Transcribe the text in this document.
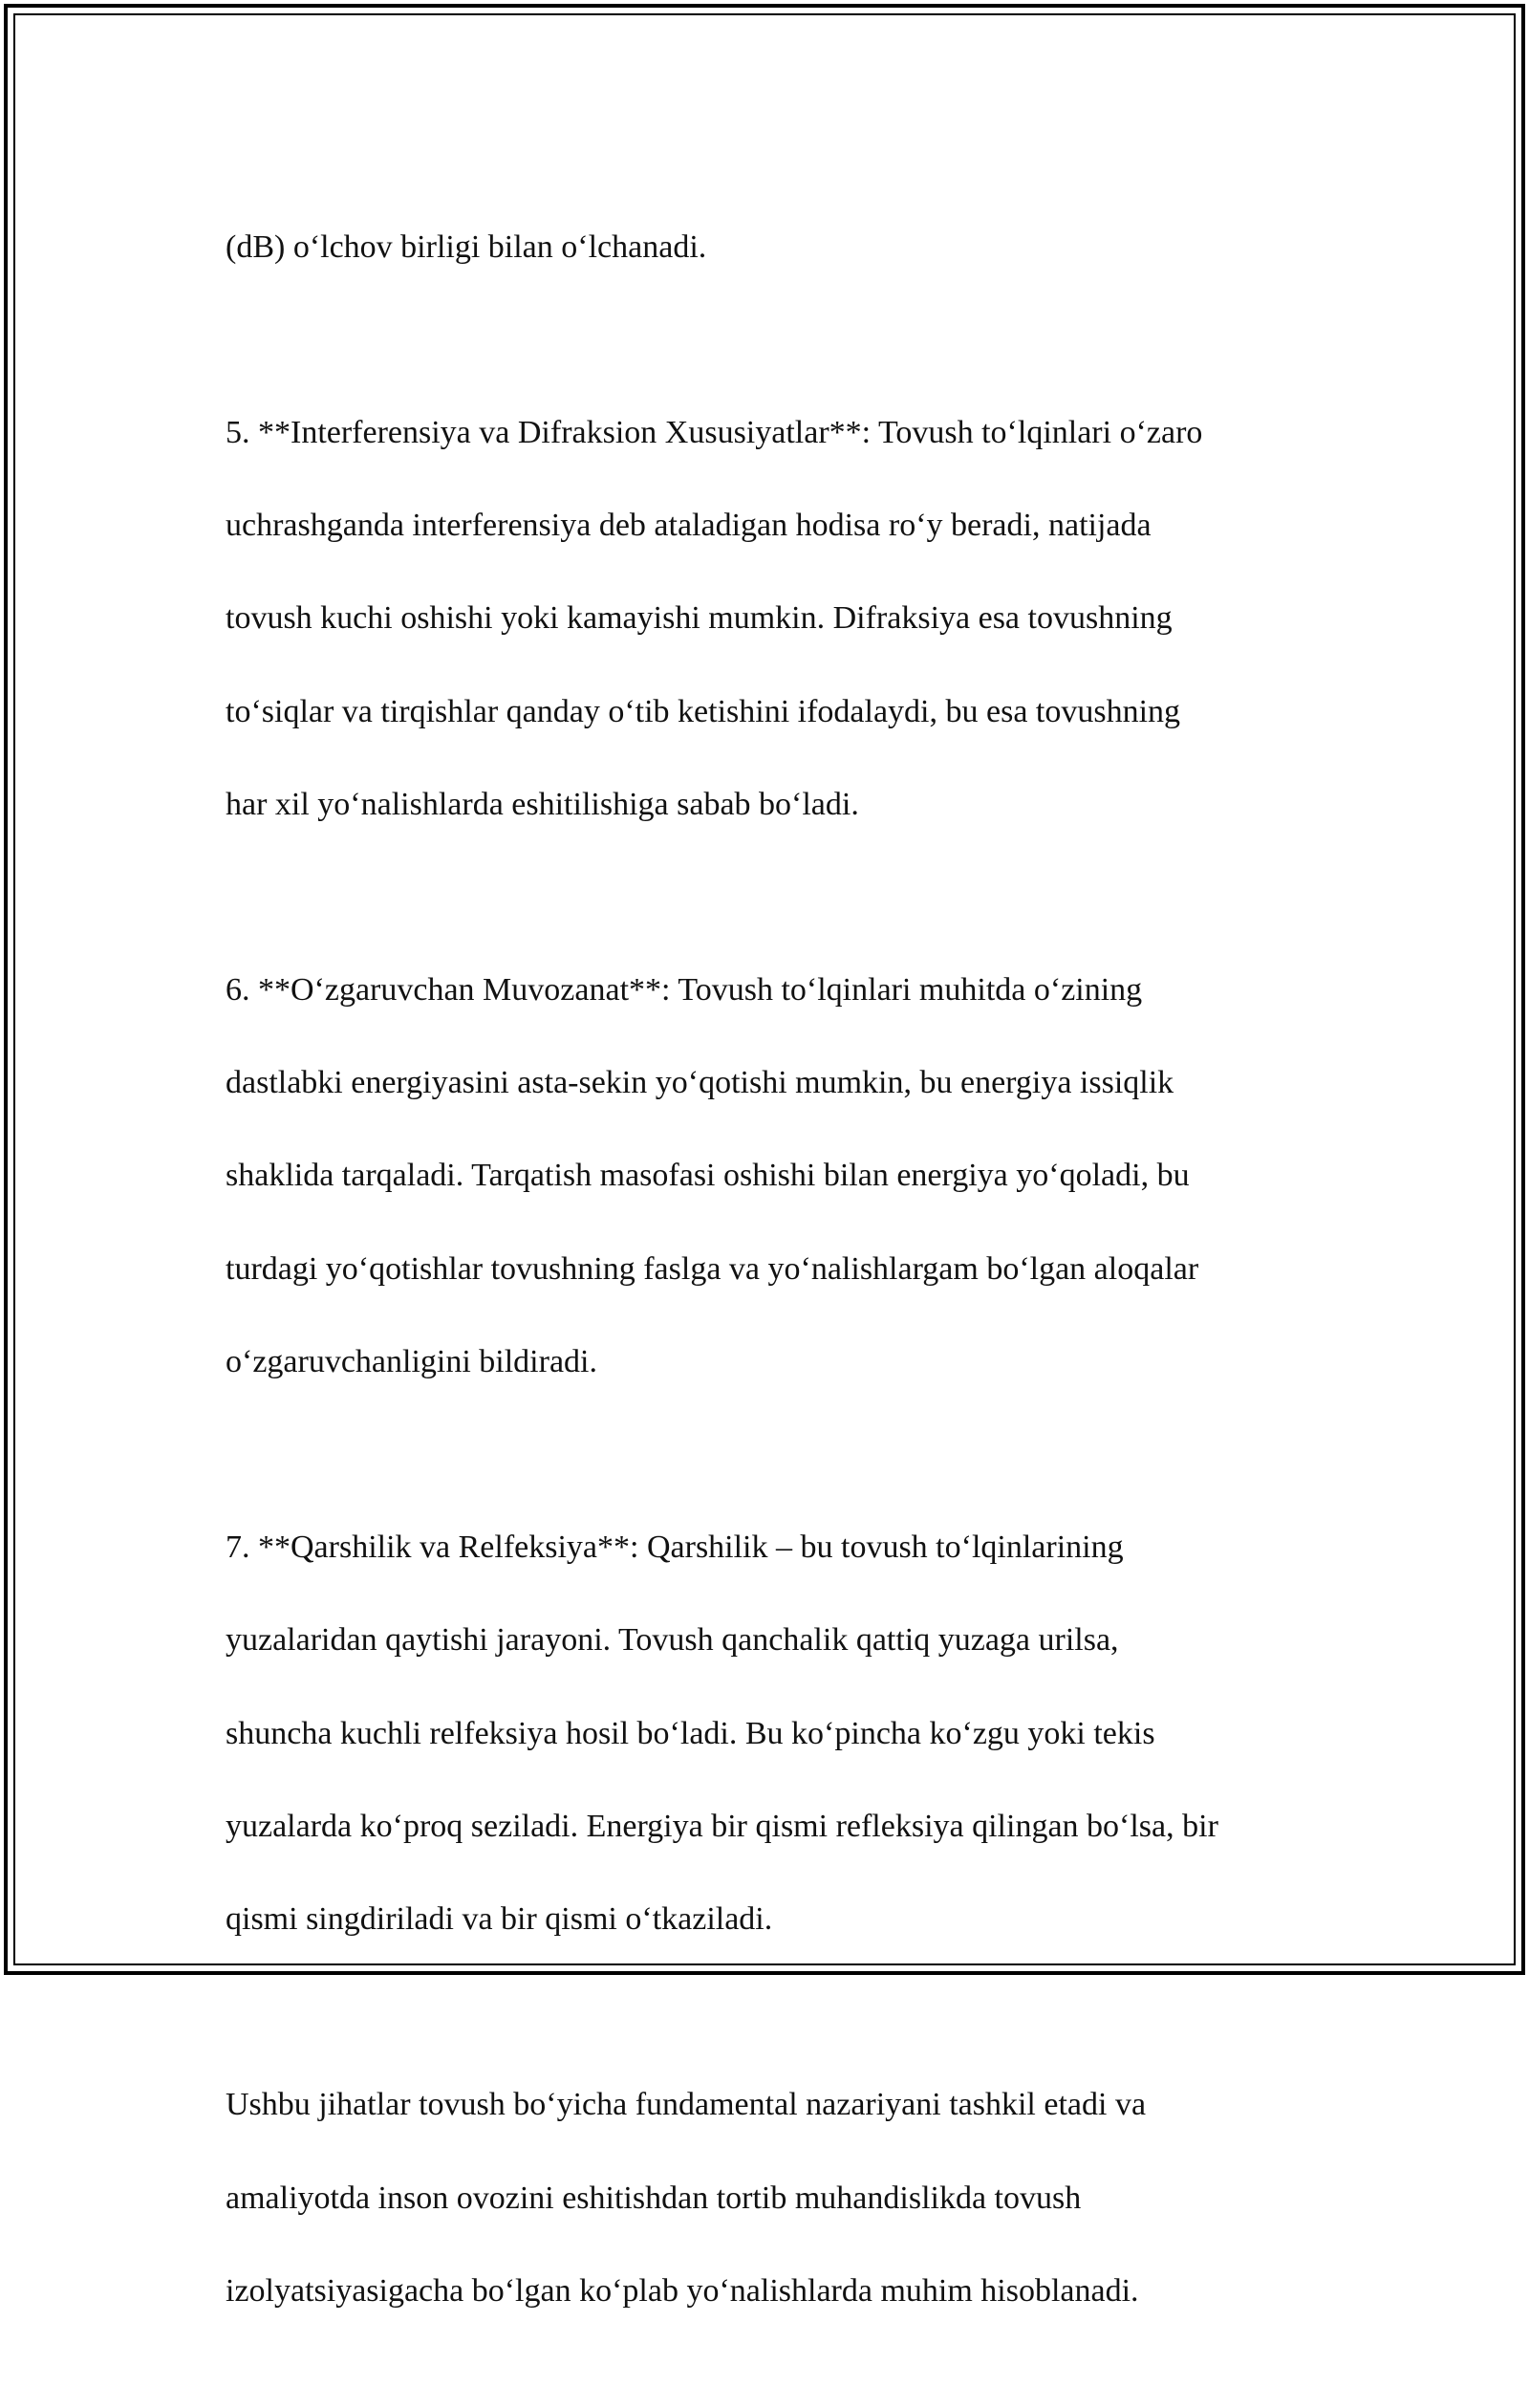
(dB) o‘lchov birligi bilan o‘lchanadi.

5. **Interferensiya va Difraksion Xususiyatlar**: Tovush to‘lqinlari o‘zaro

uchrashganda interferensiya deb ataladigan hodisa ro‘y beradi, natijada

tovush kuchi oshishi yoki kamayishi mumkin. Difraksiya esa tovushning

to‘siqlar va tirqishlar qanday o‘tib ketishini ifodalaydi, bu esa tovushning

har xil yo‘nalishlarda eshitilishiga sabab bo‘ladi.

6. **O‘zgaruvchan Muvozanat**: Tovush to‘lqinlari muhitda o‘zining

dastlabki energiyasini asta-sekin yo‘qotishi mumkin, bu energiya issiqlik

shaklida tarqaladi. Tarqatish masofasi oshishi bilan energiya yo‘qoladi, bu

turdagi yo‘qotishlar tovushning faslga va yo‘nalishlargam bo‘lgan aloqalar

o‘zgaruvchanligini bildiradi.

7. **Qarshilik va Relfeksiya**: Qarshilik – bu tovush to‘lqinlarining

yuzalaridan qaytishi jarayoni. Tovush qanchalik qattiq yuzaga urilsa,

shuncha kuchli relfeksiya hosil bo‘ladi. Bu ko‘pincha ko‘zgu yoki tekis

yuzalarda ko‘proq seziladi. Energiya bir qismi refleksiya qilingan bo‘lsa, bir

qismi singdiriladi va bir qismi o‘tkaziladi.

Ushbu jihatlar tovush bo‘yicha fundamental nazariyani tashkil etadi va

amaliyotda inson ovozini eshitishdan tortib muhandislikda tovush

izolyatsiyasigacha bo‘lgan ko‘plab yo‘nalishlarda muhim hisoblanadi.
